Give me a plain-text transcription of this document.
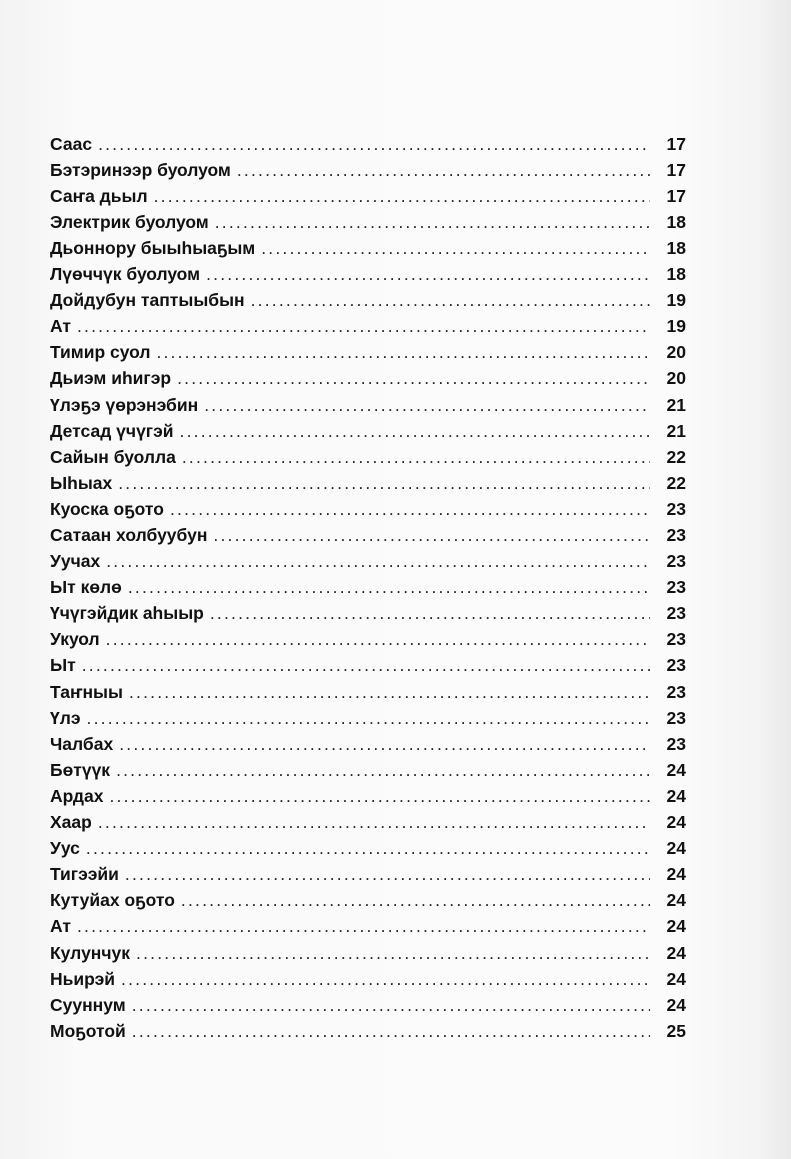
Саас .....	17
Бэтэринээр буолуом .....	17
Саҥа дьыл .....	17
Электрик буолуом .....	18
Дьоннору быыһыаҕым .....	18
Лүөччүк буолуом .....	18
Дойдубун таптыыбын .....	19
Ат .....	19
Тимир суол .....	20
Дьиэм иһигэр .....	20
Үлэҕэ үөрэнэбин .....	21
Детсад үчүгэй .....	21
Сайын буолла .....	22
Ыһыах .....	22
Куоска оҕото .....	23
Сатаан холбуубун .....	23
Уучах .....	23
Ыт көлө .....	23
Үчүгэйдик аһыыр .....	23
Укуол .....	23
Ыт .....	23
Таҥныы .....	23
Үлэ .....	23
Чалбах .....	23
Бөтүүк .....	24
Ардах .....	24
Хаар .....	24
Уус .....	24
Тигээйи .....	24
Кутуйах оҕото .....	24
Ат .....	24
Кулунчук .....	24
Ньирэй .....	24
Сууннум .....	24
Моҕотой .....	25
